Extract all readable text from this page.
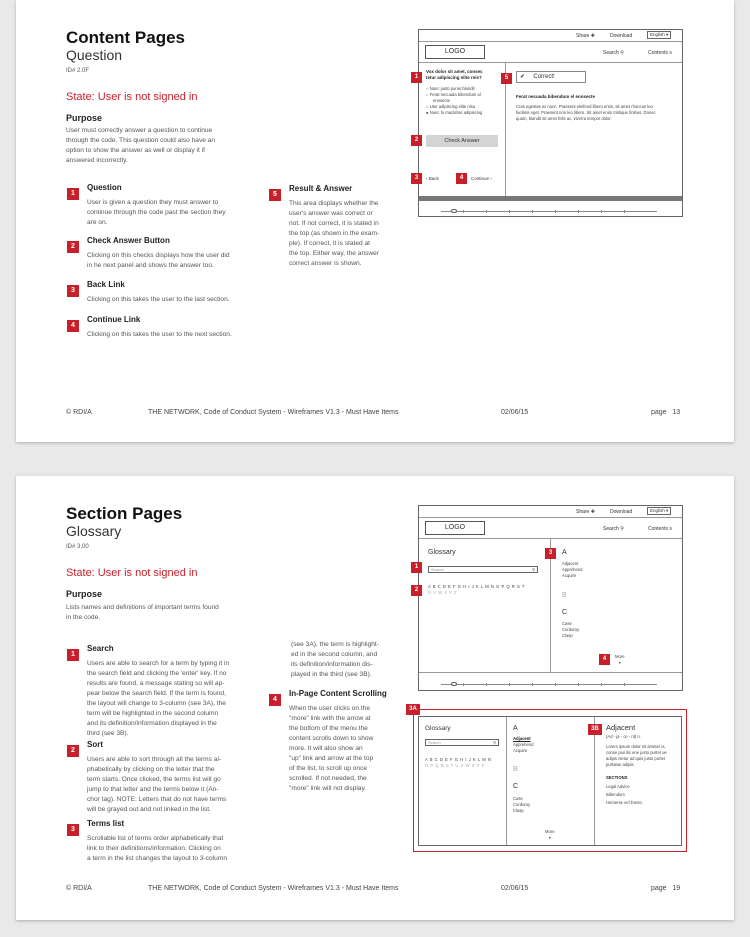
Content Pages
Question
ID# 2.0F
State: User is not signed in
Purpose
User must correctly answer a question to continue
through the code. This question could also have an
option to show the answer as well or display it if
answered incorrectly.
1
Question
User is given a question they must answer to
continue through the code past the section they
are on.
2
Check Answer Button
Clicking on this checks displays how the user did
in he next panel and shows the answer too.
3
Back Link
Clicking on this takes the user to the last section.
4
Continue Link
Clicking on this takes the user to the next section.
5
Result & Answer
This area displays whether the
user's answer was correct or
not. If not correct, it is stated in
the top (as shown in the exam-
ple). If correct, it is stated at
the top. Either way, the answer
correct answer is shown.
Share ✚	Download	English ▾
LOGO	Search ⚲	Contents ≡
1
Vox dolor sit amet, consec
tetur adipiscing elite reis?
○ Nunc justo purus blandit
○ Ferat necuada bibendum al
ennsecte
○ Utur adipiscing elite nisa
● Nunc fu maclebur adipiscing
2	Check Answer
3	‹ Back	4	Continue ›
5	✔ Correct!
Ferat necuada bibendum el ennsecte
Cras egestas ex nunc. Praesent eleifend libero enim, sit amet rhoncus leo
facilisis eget. Praesent non leo libero. Sit amet enim tristique finibus. Donec
quam, blandit sit amet felis ac, viverra tempor dolor.
© RDI/A	THE NETWORK, Code of Conduct System - Wireframes V1.3 - Must Have Items	02/06/15	page   13
Section Pages
Glossary
ID# 3.00
State: User is not signed in
Purpose
Lists names and definitions of important terms found
in the code.
1
Search
Users are able to search for a term by typing it in
the search field and clicking the 'enter' key. If no
results are found, a message stating so will ap-
pear below the search field. If the term is found,
the layout will change to 3-column (see 3A), the
term will be highlighted in the second column
and its definition/information displayed in the
third (see 3B).
2
Sort
Users are able to sort through all the terms al-
phabetically by clicking on the letter that the
term starts. Once clicked, the terms list will go
jump to that letter and the terms below it (An-
chor tag). NOTE: Letters that do not have terms
will be grayed out and not linked in the list.
3
Terms list
Scrollable list of terms order alphabetically that
link to their definitions/information. Clicking on
a term in the list changes the layout to 3-column
(see 3A), the term is highlight-
ed in the second column, and
its definition/information dis-
played in the third (see 3B).
4
In-Page Content Scrolling
When the user clicks on the
"more" link with the arrow at
the bottom of the menu the
content scrolls down to show
more. It will also show an
"up" link and arrow at the top
of the list, to scroll up once
scrolled. If not needed, the
"more" link will not display.
Share ✚	Download	English ▾
LOGO	Search ⚲	Contents ≡
Glossary
1	Search	⚲
2
A B C D E F G H I J K L M N O P Q R S T
U V W X Y Z
3	A
Adjacent
Apprehend
Acquire
B
C
Case
Corduroy
Clasp
4	More
▾
3A
Glossary
Search	⚲
A B C D E F G H I J K L M N
O P Q R S T U V W X Y Z
A
Adjacent
Apprehend
Acquire
B
C
Case
Corduroy
Clasp
More
▾
3B Adjacent
(Ad - ja - ce - nt) n.
Lorem ipsum dolor sit ameter is,
conse piui ilic ene justo purtet ue
adipis ctetur ad quis justo purtet
purtatue adipis.
SECTIONS
Legal Advice
Bibendum
Homerse vel Dorso
© RDI/A	THE NETWORK, Code of Conduct System - Wireframes V1.3 - Must Have Items	02/06/15	page   19
